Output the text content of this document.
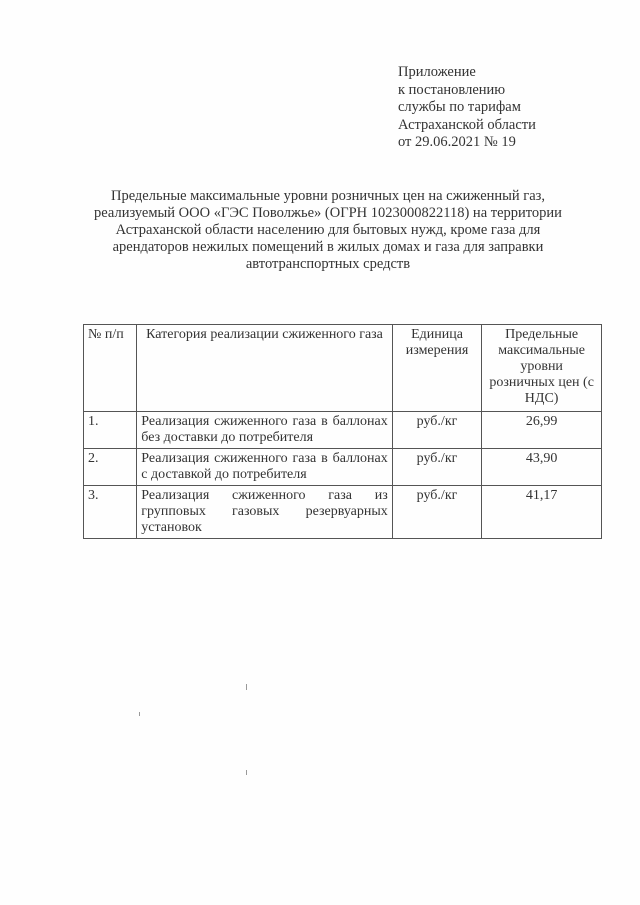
Приложение
к постановлению
службы по тарифам
Астраханской области
от 29.06.2021 № 19
Предельные максимальные уровни розничных цен на сжиженный газ,
реализуемый ООО «ГЭС Поволжье» (ОГРН 1023000822118) на территории
Астраханской области населению для бытовых нужд, кроме газа для
арендаторов нежилых помещений в жилых домах и газа для заправки
автотранспортных средств
№ п/п	Категория реализации сжиженного газа	Единица измерения	Предельные максимальные уровни розничных цен (с НДС)
1.	Реализация сжиженного газа в баллонах без доставки до потребителя	руб./кг	26,99
2.	Реализация сжиженного газа в баллонах с доставкой до потребителя	руб./кг	43,90
3.	Реализация сжиженного газа из групповых газовых резервуарных установок	руб./кг	41,17
